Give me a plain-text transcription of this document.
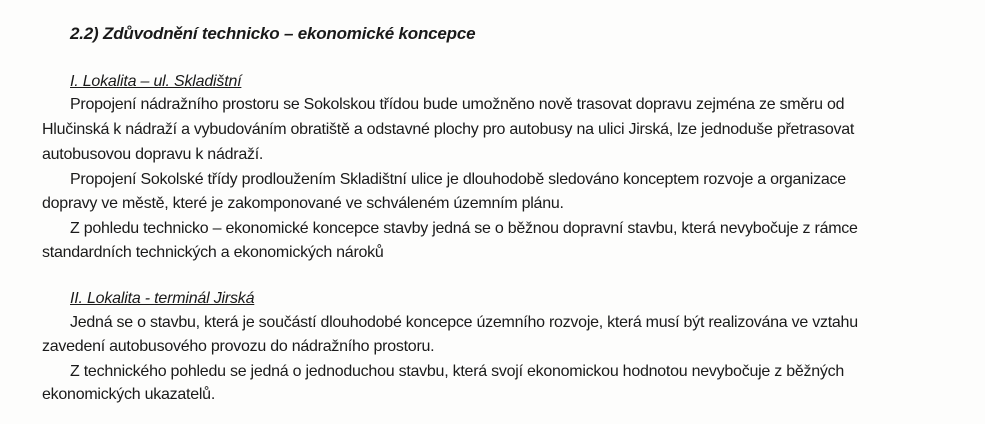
2.2) Zdůvodnění technicko – ekonomické koncepce
I. Lokalita – ul. Skladištní
Propojení nádražního prostoru se Sokolskou třídou bude umožněno nově trasovat dopravu zejména ze směru od
Hlučinská k nádraží a vybudováním obratiště a odstavné plochy pro autobusy na ulici Jirská, lze jednoduše přetrasovat
autobusovou dopravu k nádraží.
Propojení Sokolské třídy prodloužením Skladištní ulice je dlouhodobě sledováno konceptem rozvoje a organizace
dopravy ve městě, které je zakomponované ve schváleném územním plánu.
Z pohledu technicko – ekonomické koncepce stavby jedná se o běžnou dopravní stavbu, která nevybočuje z rámce
standardních technických a ekonomických nároků
II. Lokalita - terminál Jirská
Jedná se o stavbu, která je součástí dlouhodobé koncepce územního rozvoje, která musí být realizována ve vztahu
zavedení autobusového provozu do nádražního prostoru.
Z technického pohledu se jedná o jednoduchou stavbu, která svojí ekonomickou hodnotou nevybočuje z běžných
ekonomických ukazatelů.
